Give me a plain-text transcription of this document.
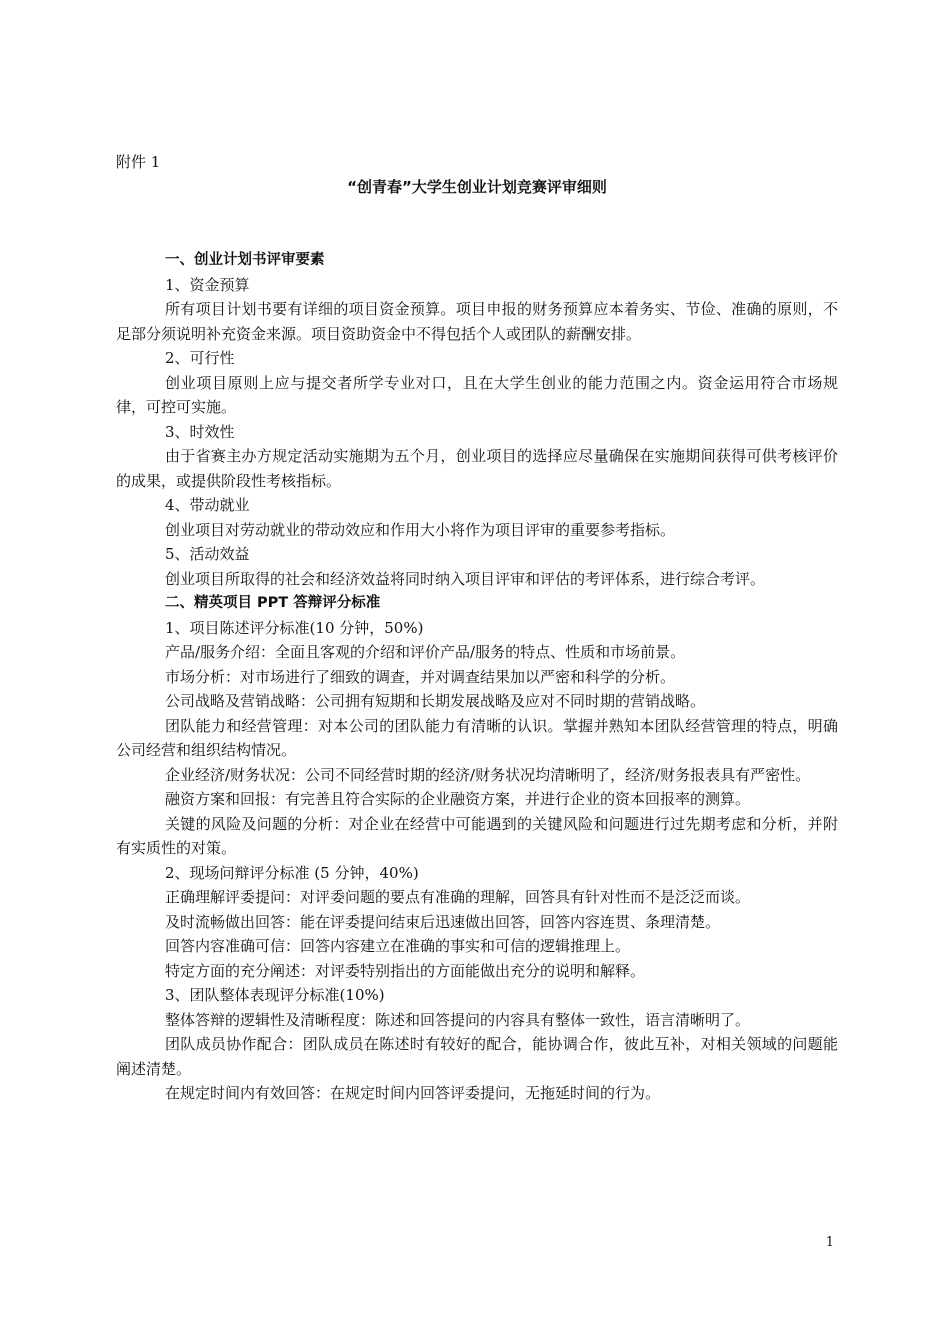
附件 1

“创青春”大学生创业计划竞赛评审细则

一、创业计划书评审要素

1、资金预算

所有项目计划书要有详细的项目资金预算。项目申报的财务预算应本着务实、节俭、准确的原则，不足部分须说明补充资金来源。项目资助资金中不得包括个人或团队的薪酬安排。

2、可行性

创业项目原则上应与提交者所学专业对口，且在大学生创业的能力范围之内。资金运用符合市场规律，可控可实施。

3、时效性

由于省赛主办方规定活动实施期为五个月，创业项目的选择应尽量确保在实施期间获得可供考核评价的成果，或提供阶段性考核指标。

4、带动就业

创业项目对劳动就业的带动效应和作用大小将作为项目评审的重要参考指标。

5、活动效益

创业项目所取得的社会和经济效益将同时纳入项目评审和评估的考评体系，进行综合考评。

二、精英项目 PPT 答辩评分标准

1、项目陈述评分标准(10 分钟，50%)

产品/服务介绍：全面且客观的介绍和评价产品/服务的特点、性质和市场前景。

市场分析：对市场进行了细致的调查，并对调查结果加以严密和科学的分析。

公司战略及营销战略：公司拥有短期和长期发展战略及应对不同时期的营销战略。

团队能力和经营管理：对本公司的团队能力有清晰的认识。掌握并熟知本团队经营管理的特点，明确公司经营和组织结构情况。

企业经济/财务状况：公司不同经营时期的经济/财务状况均清晰明了，经济/财务报表具有严密性。

融资方案和回报：有完善且符合实际的企业融资方案，并进行企业的资本回报率的测算。

关键的风险及问题的分析：对企业在经营中可能遇到的关键风险和问题进行过先期考虑和分析，并附有实质性的对策。

2、现场问辩评分标准 (5 分钟，40%)

正确理解评委提问：对评委问题的要点有准确的理解，回答具有针对性而不是泛泛而谈。

及时流畅做出回答：能在评委提问结束后迅速做出回答，回答内容连贯、条理清楚。

回答内容准确可信：回答内容建立在准确的事实和可信的逻辑推理上。

特定方面的充分阐述：对评委特别指出的方面能做出充分的说明和解释。

3、团队整体表现评分标准(10%)

整体答辩的逻辑性及清晰程度：陈述和回答提问的内容具有整体一致性，语言清晰明了。

团队成员协作配合：团队成员在陈述时有较好的配合，能协调合作，彼此互补，对相关领域的问题能阐述清楚。

在规定时间内有效回答：在规定时间内回答评委提问，无拖延时间的行为。

1
